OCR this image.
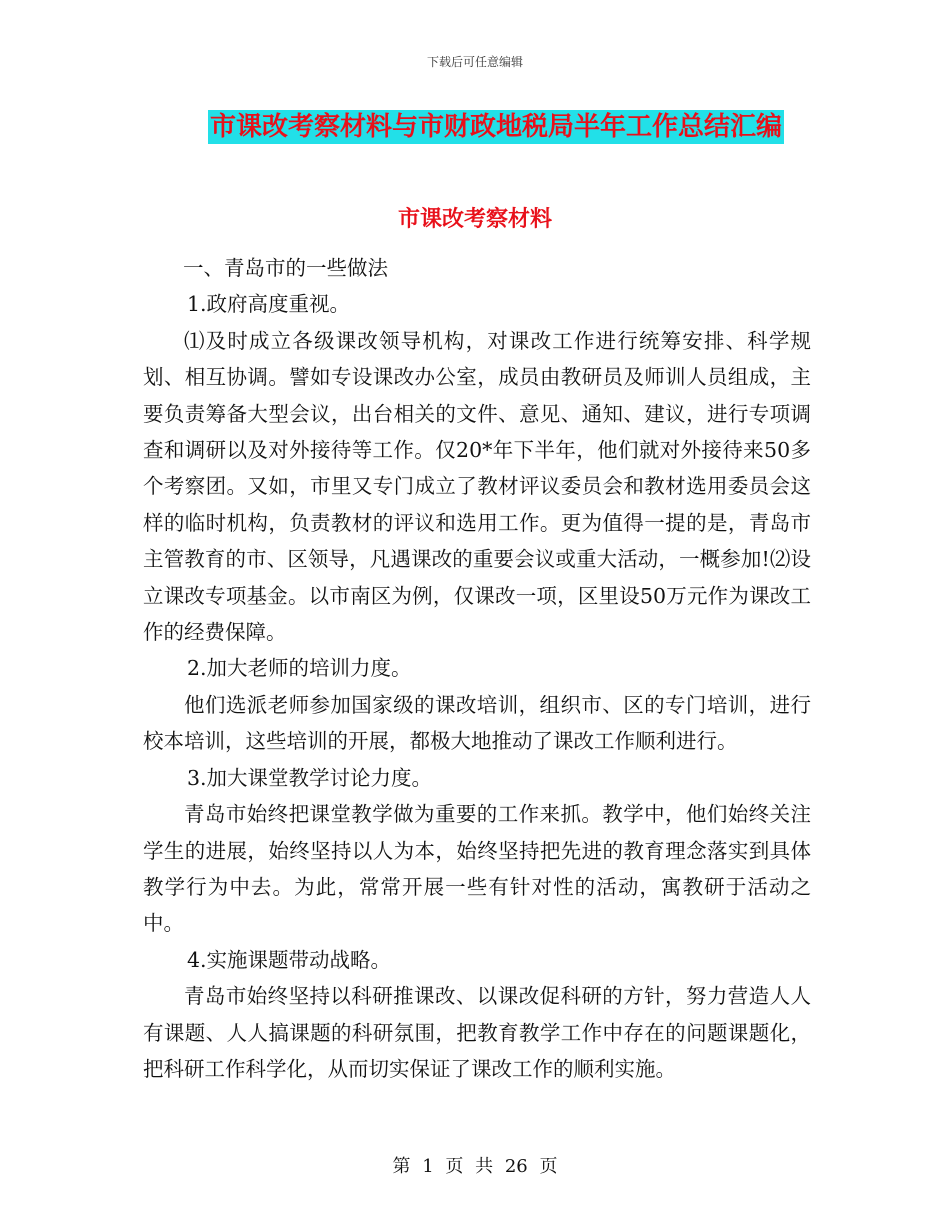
下载后可任意编辑
市课改考察材料与市财政地税局半年工作总结汇编
市课改考察材料

一、青岛市的一些做法

1.政府高度重视。

⑴及时成立各级课改领导机构，对课改工作进行统筹安排、科学规划、相互协调。譬如专设课改办公室，成员由教研员及师训人员组成，主要负责筹备大型会议，出台相关的文件、意见、通知、建议，进行专项调查和调研以及对外接待等工作。仅20*年下半年，他们就对外接待来50多个考察团。又如，市里又专门成立了教材评议委员会和教材选用委员会这样的临时机构，负责教材的评议和选用工作。更为值得一提的是，青岛市主管教育的市、区领导，凡遇课改的重要会议或重大活动，一概参加!⑵设立课改专项基金。以市南区为例，仅课改一项，区里设50万元作为课改工作的经费保障。

2.加大老师的培训力度。

他们选派老师参加国家级的课改培训，组织市、区的专门培训，进行校本培训，这些培训的开展，都极大地推动了课改工作顺利进行。

3.加大课堂教学讨论力度。

青岛市始终把课堂教学做为重要的工作来抓。教学中，他们始终关注学生的进展，始终坚持以人为本，始终坚持把先进的教育理念落实到具体教学行为中去。为此，常常开展一些有针对性的活动，寓教研于活动之中。

4.实施课题带动战略。

青岛市始终坚持以科研推课改、以课改促科研的方针，努力营造人人有课题、人人搞课题的科研氛围，把教育教学工作中存在的问题课题化，把科研工作科学化，从而切实保证了课改工作的顺利实施。

第 1 页 共 26 页
